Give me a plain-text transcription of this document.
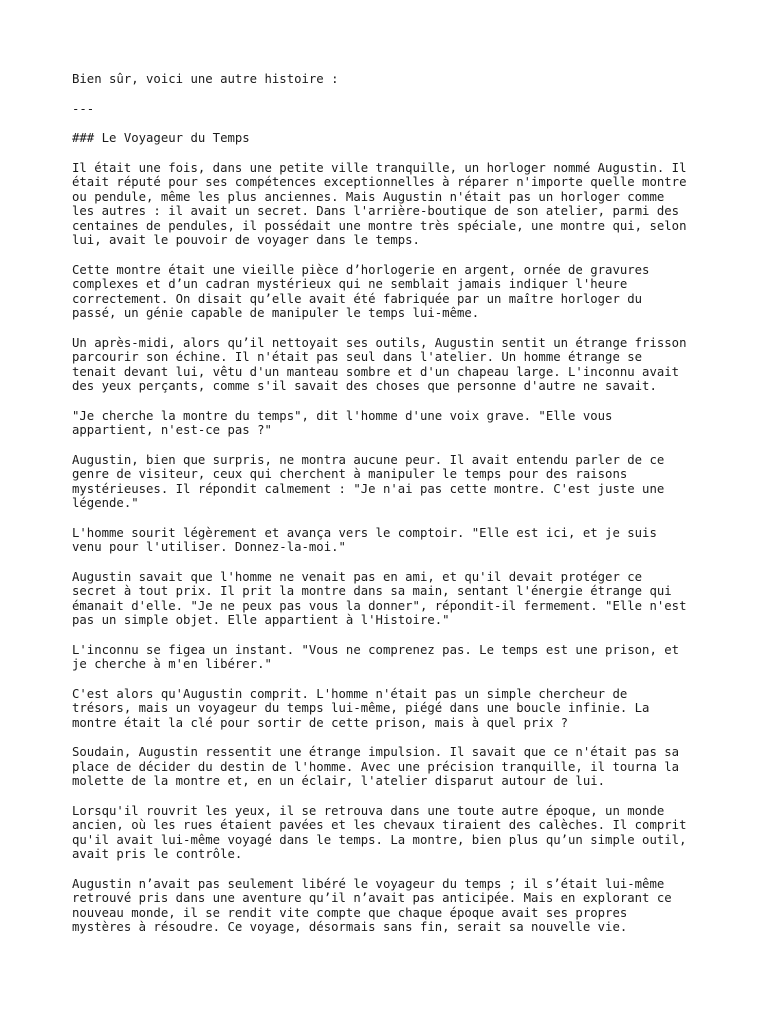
Bien sûr, voici une autre histoire :

---

### Le Voyageur du Temps

Il était une fois, dans une petite ville tranquille, un horloger nommé Augustin. Il
était réputé pour ses compétences exceptionnelles à réparer n'importe quelle montre
ou pendule, même les plus anciennes. Mais Augustin n'était pas un horloger comme
les autres : il avait un secret. Dans l'arrière-boutique de son atelier, parmi des
centaines de pendules, il possédait une montre très spéciale, une montre qui, selon
lui, avait le pouvoir de voyager dans le temps.

Cette montre était une vieille pièce d’horlogerie en argent, ornée de gravures
complexes et d’un cadran mystérieux qui ne semblait jamais indiquer l'heure
correctement. On disait qu’elle avait été fabriquée par un maître horloger du
passé, un génie capable de manipuler le temps lui-même.

Un après-midi, alors qu’il nettoyait ses outils, Augustin sentit un étrange frisson
parcourir son échine. Il n'était pas seul dans l'atelier. Un homme étrange se
tenait devant lui, vêtu d'un manteau sombre et d'un chapeau large. L'inconnu avait
des yeux perçants, comme s'il savait des choses que personne d'autre ne savait.

"Je cherche la montre du temps", dit l'homme d'une voix grave. "Elle vous
appartient, n'est-ce pas ?"

Augustin, bien que surpris, ne montra aucune peur. Il avait entendu parler de ce
genre de visiteur, ceux qui cherchent à manipuler le temps pour des raisons
mystérieuses. Il répondit calmement : "Je n'ai pas cette montre. C'est juste une
légende."

L'homme sourit légèrement et avança vers le comptoir. "Elle est ici, et je suis
venu pour l'utiliser. Donnez-la-moi."

Augustin savait que l'homme ne venait pas en ami, et qu'il devait protéger ce
secret à tout prix. Il prit la montre dans sa main, sentant l'énergie étrange qui
émanait d'elle. "Je ne peux pas vous la donner", répondit-il fermement. "Elle n'est
pas un simple objet. Elle appartient à l'Histoire."

L'inconnu se figea un instant. "Vous ne comprenez pas. Le temps est une prison, et
je cherche à m'en libérer."

C'est alors qu'Augustin comprit. L'homme n'était pas un simple chercheur de
trésors, mais un voyageur du temps lui-même, piégé dans une boucle infinie. La
montre était la clé pour sortir de cette prison, mais à quel prix ?

Soudain, Augustin ressentit une étrange impulsion. Il savait que ce n'était pas sa
place de décider du destin de l'homme. Avec une précision tranquille, il tourna la
molette de la montre et, en un éclair, l'atelier disparut autour de lui.

Lorsqu'il rouvrit les yeux, il se retrouva dans une toute autre époque, un monde
ancien, où les rues étaient pavées et les chevaux tiraient des calèches. Il comprit
qu'il avait lui-même voyagé dans le temps. La montre, bien plus qu’un simple outil,
avait pris le contrôle.

Augustin n’avait pas seulement libéré le voyageur du temps ; il s’était lui-même
retrouvé pris dans une aventure qu’il n’avait pas anticipée. Mais en explorant ce
nouveau monde, il se rendit vite compte que chaque époque avait ses propres
mystères à résoudre. Ce voyage, désormais sans fin, serait sa nouvelle vie.
